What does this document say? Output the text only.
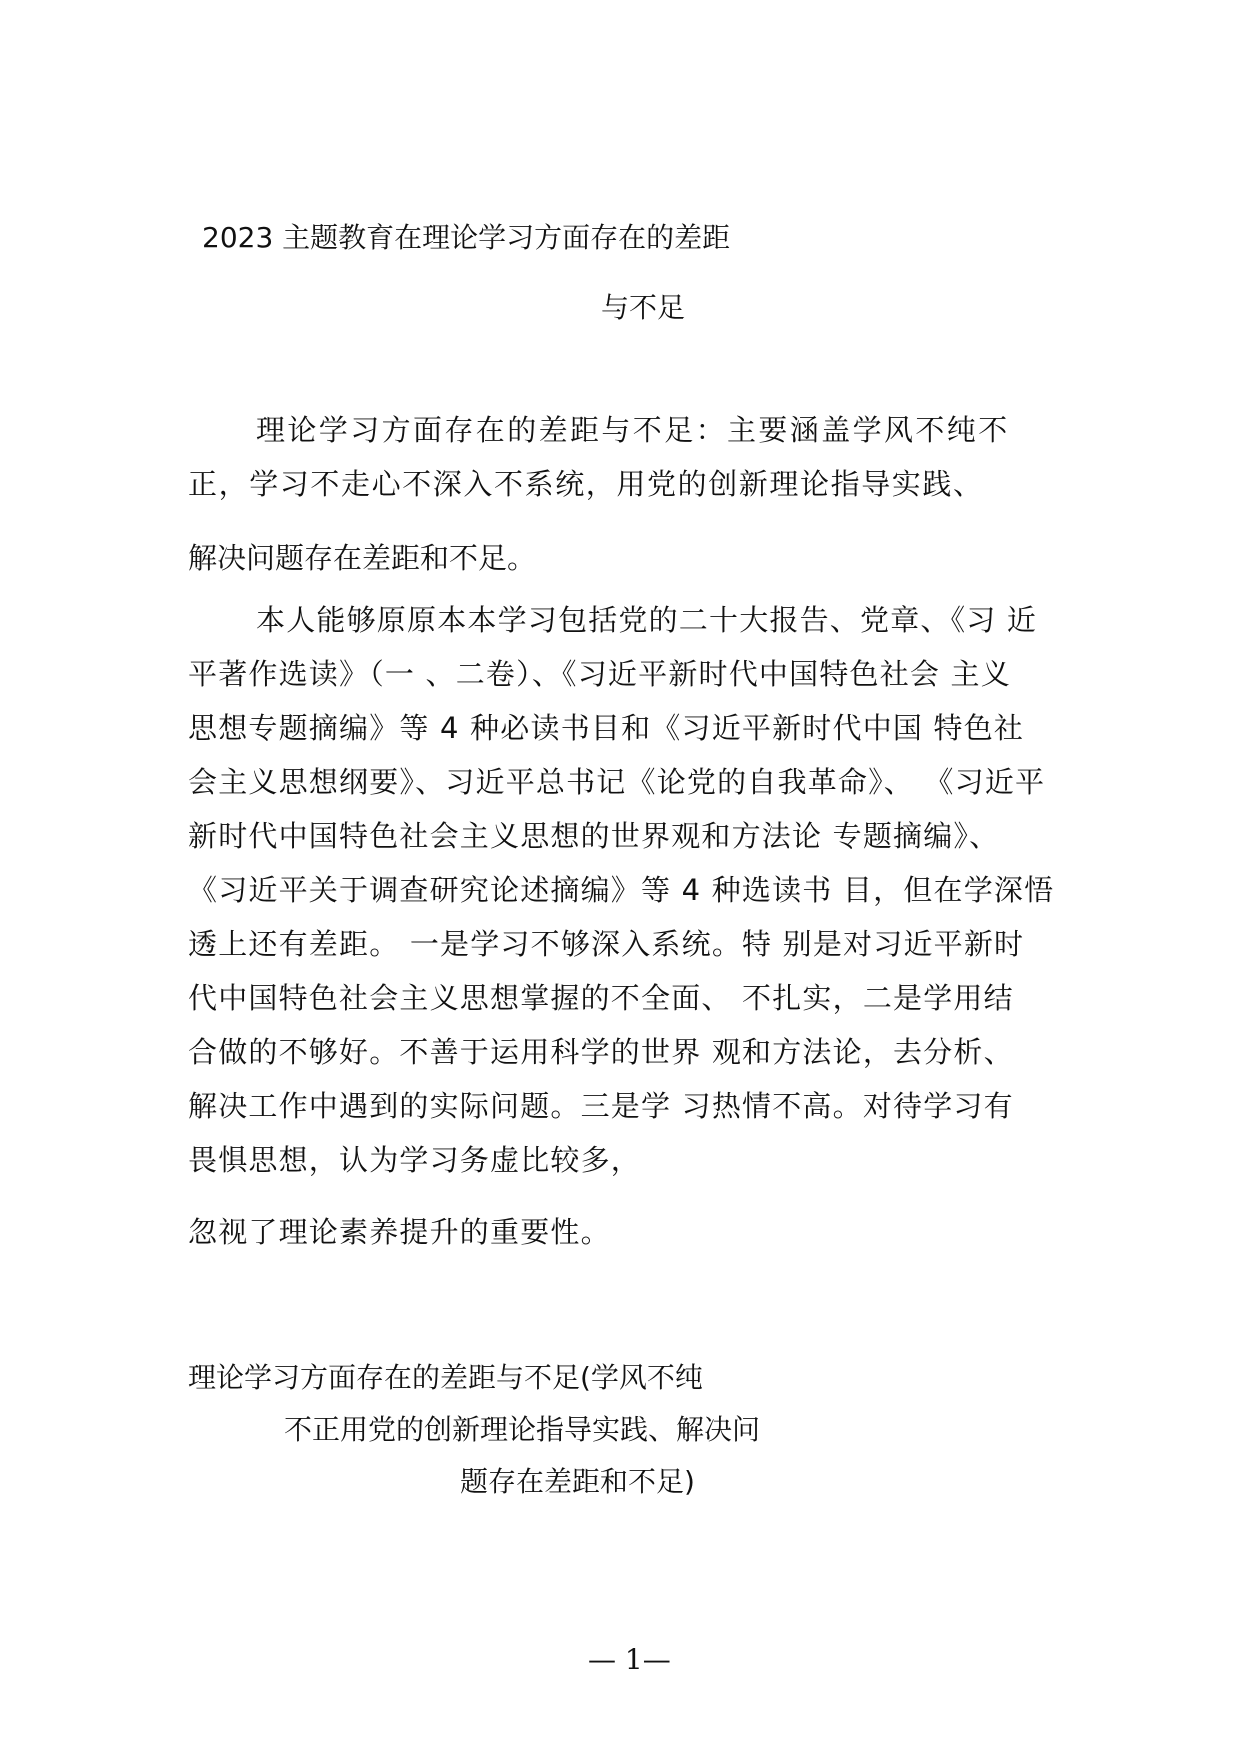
2023 主题教育在理论学习方面存在的差距
与不足
理论学习方面存在的差距与不足：主要涵盖学风不纯不
正，学习不走心不深入不系统，用党的创新理论指导实践、
解决问题存在差距和不足。
本人能够原原本本学习包括党的二十大报告、党章、《习 近
平著作选读》（一 、二卷）、《习近平新时代中国特色社会 主义
思想专题摘编》等 4 种必读书目和《习近平新时代中国 特色社
会主义思想纲要》、习近平总书记《论党的自我革命》、 《习近平
新时代中国特色社会主义思想的世界观和方法论 专题摘编》、
《习近平关于调查研究论述摘编》等 4 种选读书 目，但在学深悟
透上还有差距。 一是学习不够深入系统。特 别是对习近平新时
代中国特色社会主义思想掌握的不全面、 不扎实，二是学用结
合做的不够好。不善于运用科学的世界 观和方法论，去分析、
解决工作中遇到的实际问题。三是学 习热情不高。对待学习有
畏惧思想，认为学习务虚比较多，
忽视了理论素养提升的重要性。
理论学习方面存在的差距与不足(学风不纯
不正用党的创新理论指导实践、解决问
题存在差距和不足)
— 1—
